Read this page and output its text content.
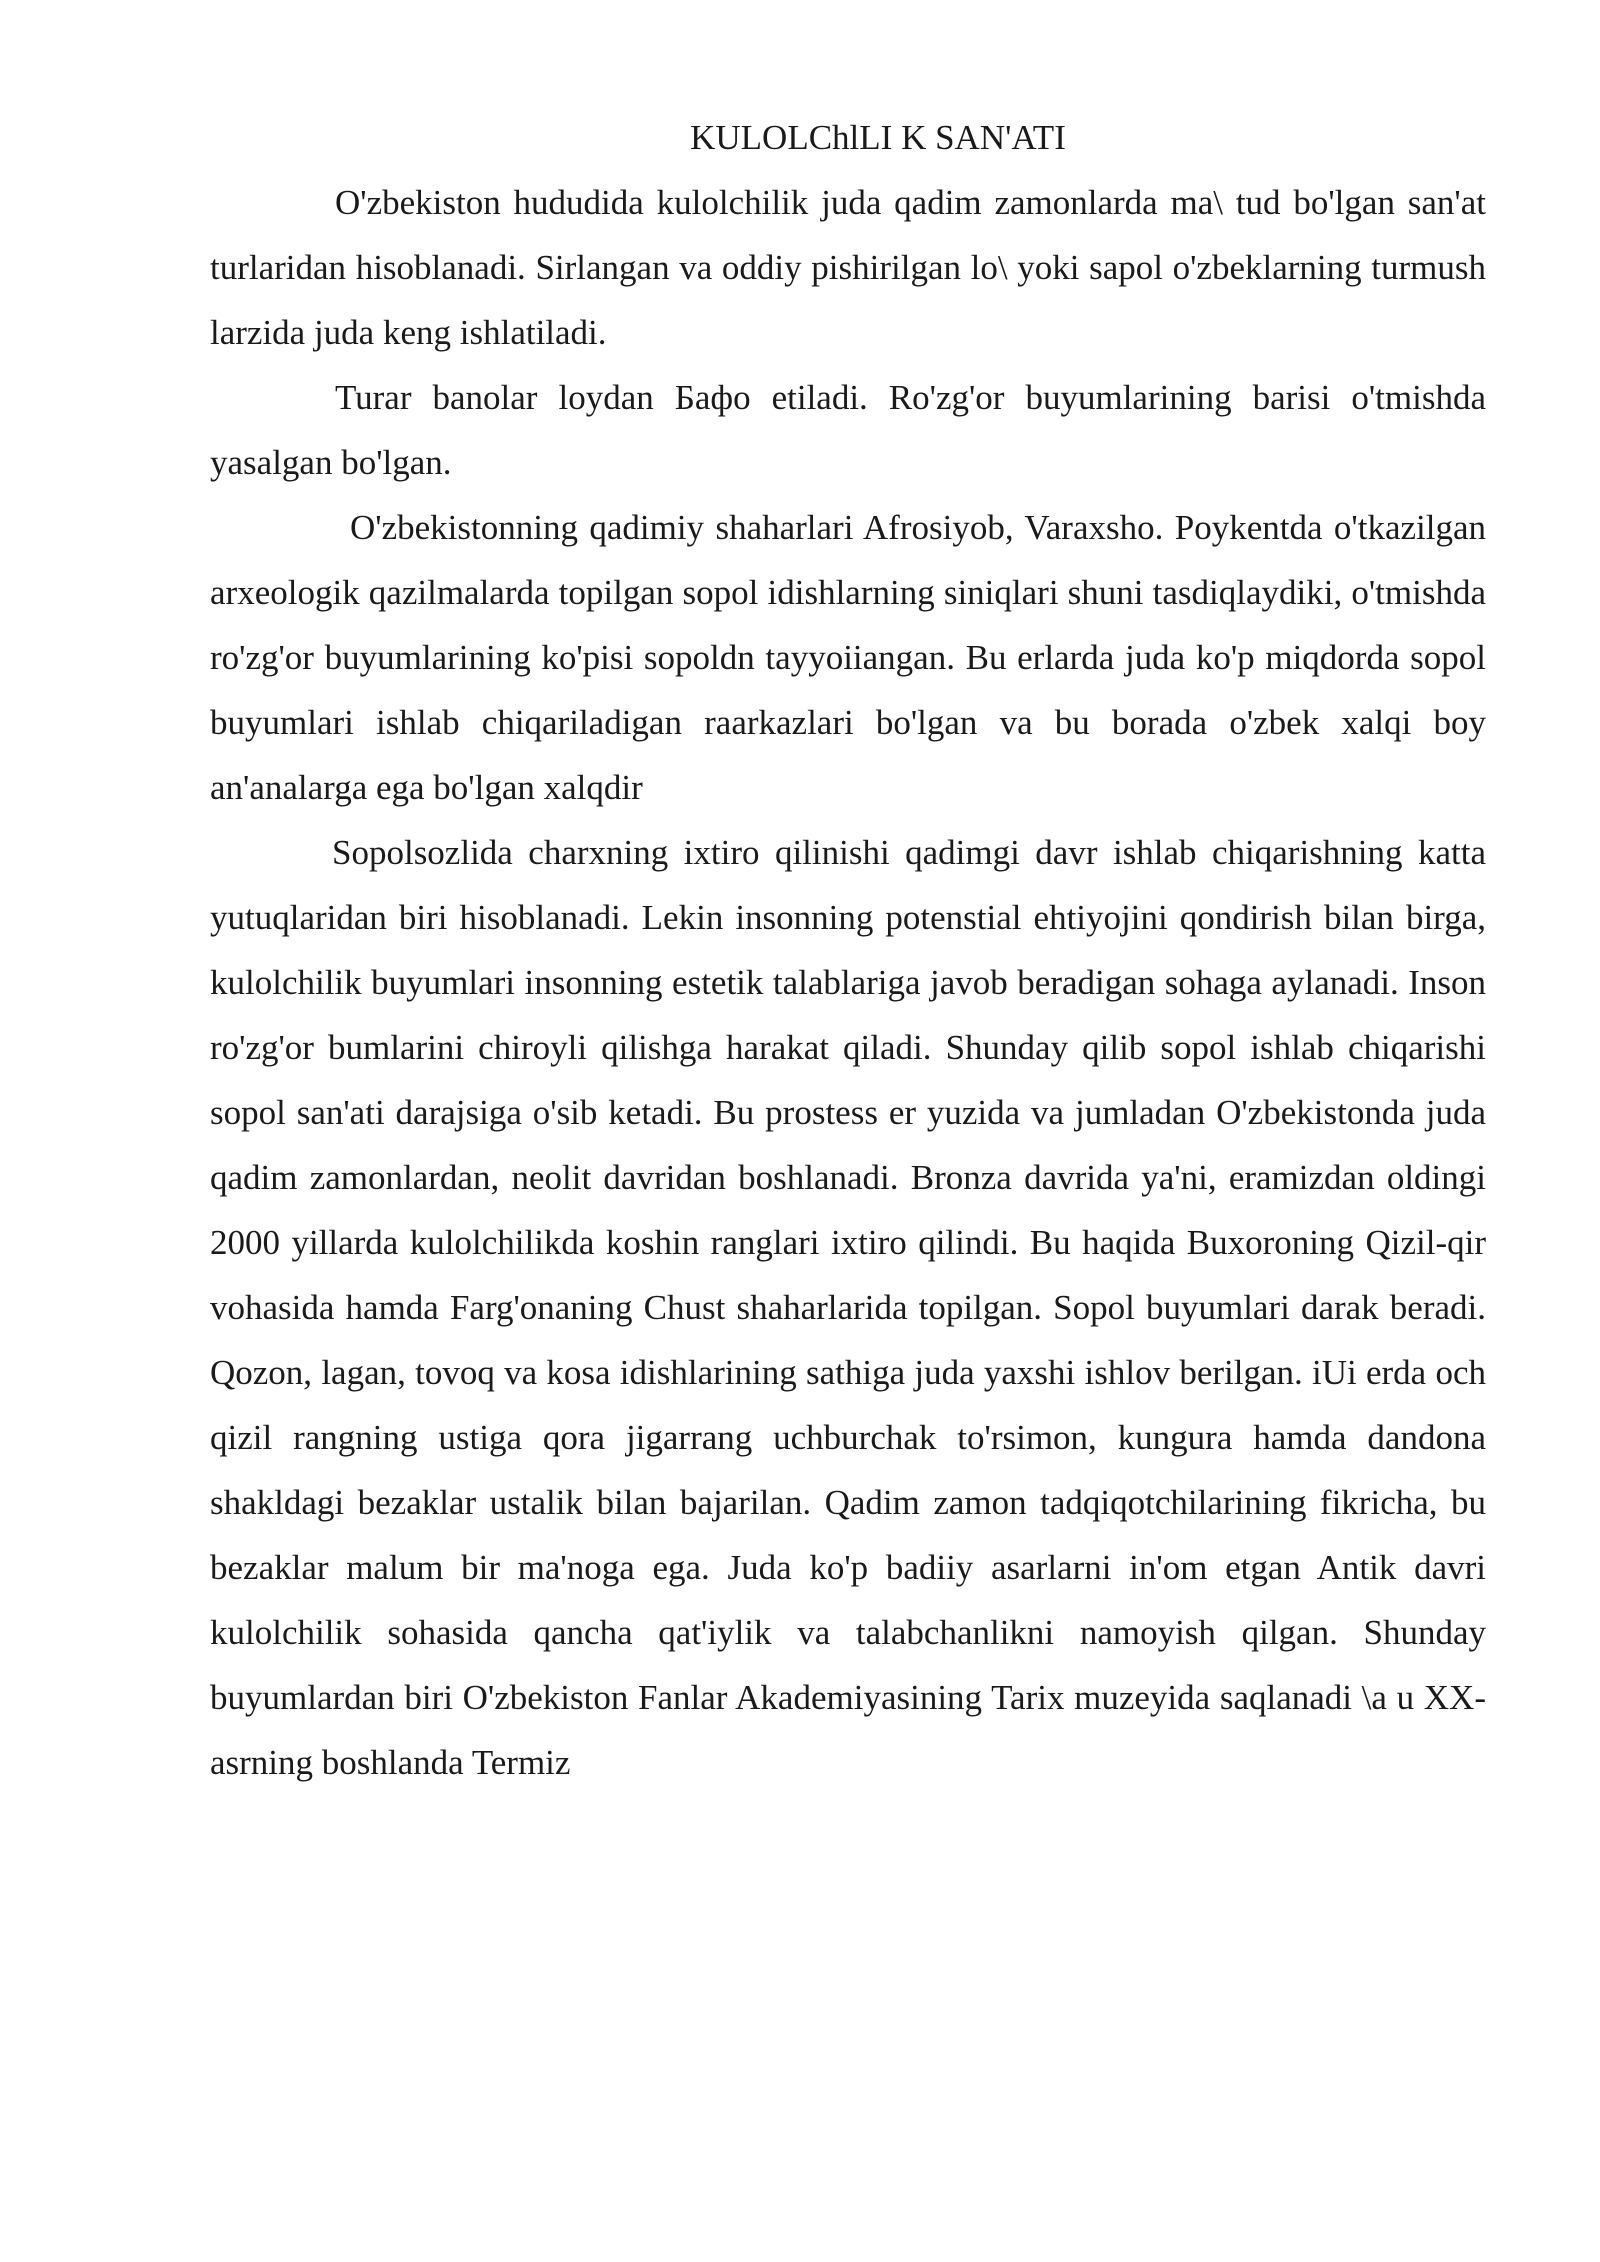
KULOLChlLI K SAN'ATI

O'zbekiston hududida kulolchilik juda qadim zamonlarda ma\ tud bo'lgan san'at turlaridan hisoblanadi. Sirlangan va oddiy pishirilgan lo\ yoki sapol o'zbeklarning turmush larzida juda keng ishlatiladi.

Turar banolar loydan Бафо etiladi. Ro'zg'or buyumlarining barisi o'tmishda yasalgan bo'lgan.

O'zbekistonning qadimiy shaharlari Afrosiyob, Varaxsho. Poykentda o'tkazilgan arxeologik qazilmalarda topilgan sopol idishlarning siniqlari shuni tasdiqlaydiki, o'tmishda ro'zg'or buyumlarining ko'pisi sopoldn tayyoiiangan. Bu erlarda juda ko'p miqdorda sopol buyumlari ishlab chiqariladigan raarkazlari bo'lgan va bu borada o'zbek xalqi boy an'analarga ega bo'lgan xalqdir

Sopolsozlida charxning ixtiro qilinishi qadimgi davr ishlab chiqarishning katta yutuqlaridan biri hisoblanadi. Lekin insonning potenstial ehtiyojini qondirish bilan birga, kulolchilik buyumlari insonning estetik talablariga javob beradigan sohaga aylanadi. Inson ro'zg'or bumlarini chiroyli qilishga harakat qiladi. Shunday qilib sopol ishlab chiqarishi sopol san'ati darajsiga o'sib ketadi. Bu prostess er yuzida va jumladan O'zbekistonda juda qadim zamonlardan, neolit davridan boshlanadi. Bronza davrida ya'ni, eramizdan oldingi 2000 yillarda kulolchilikda koshin ranglari ixtiro qilindi. Bu haqida Buxoroning Qizil-qir vohasida hamda Farg'onaning Chust shaharlarida topilgan. Sopol buyumlari darak beradi. Qozon, lagan, tovoq va kosa idishlarining sathiga juda yaxshi ishlov berilgan. iUi erda och qizil rangning ustiga qora jigarrang uchburchak to'rsimon, kungura hamda dandona shakldagi bezaklar ustalik bilan bajarilan. Qadim zamon tadqiqotchilarining fikricha, bu bezaklar malum bir ma'noga ega. Juda ko'p badiiy asarlarni in'om etgan Antik davri kulolchilik sohasida qancha qat'iylik va talabchanlikni namoyish qilgan. Shunday buyumlardan biri O'zbekiston Fanlar Akademiyasining Tarix muzeyida saqlanadi \a u XX-asrning boshlanda Termiz
